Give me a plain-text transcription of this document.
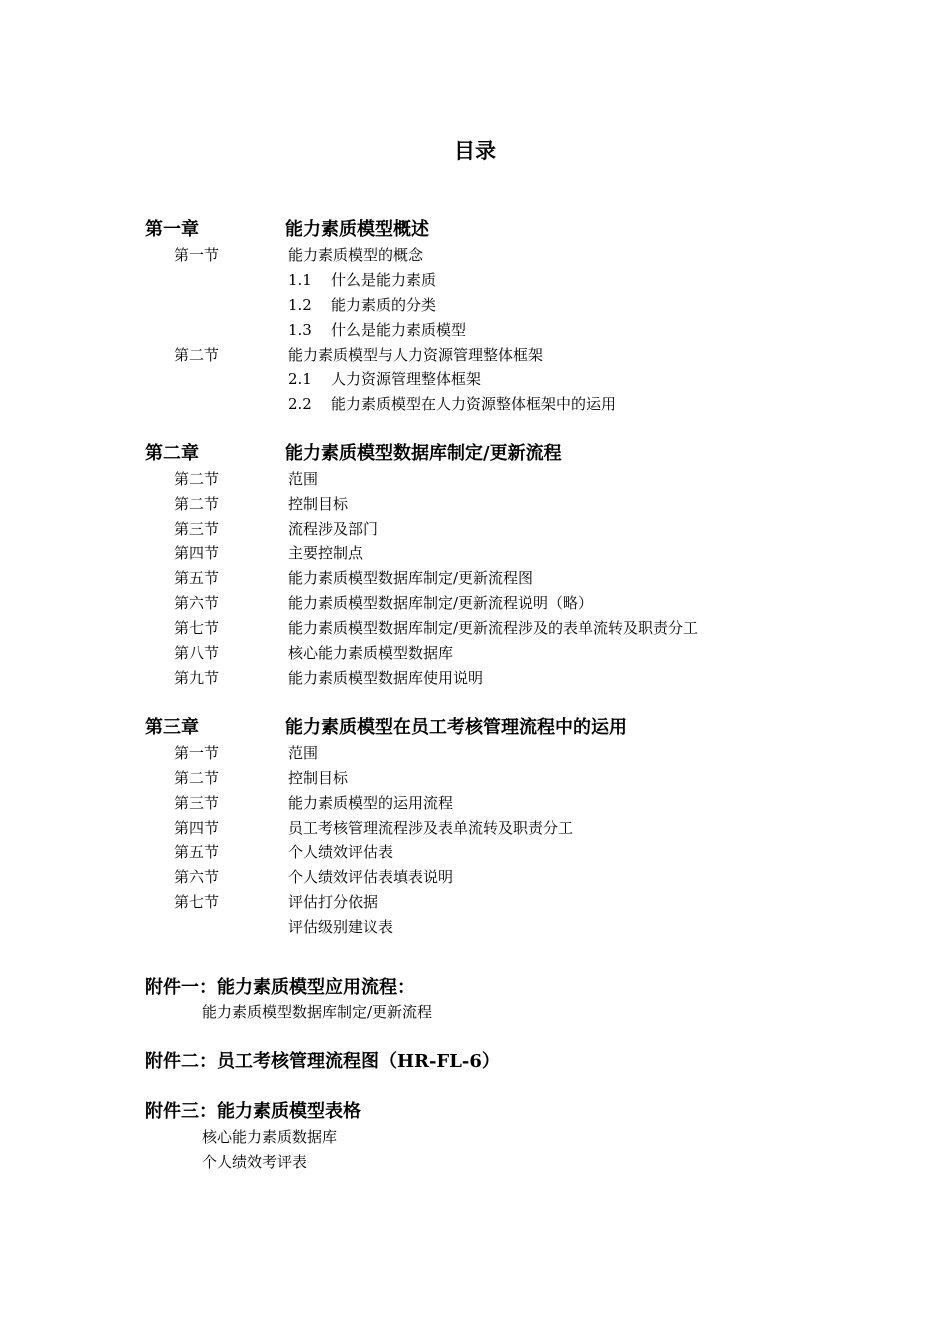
目录
第一章	能力素质模型概述
第一节	能力素质模型的概念
1.1 什么是能力素质
1.2 能力素质的分类
1.3 什么是能力素质模型
第二节	能力素质模型与人力资源管理整体框架
2.1 人力资源管理整体框架
2.2 能力素质模型在人力资源整体框架中的运用
第二章	能力素质模型数据库制定/更新流程
第二节	范围
第二节	控制目标
第三节	流程涉及部门
第四节	主要控制点
第五节	能力素质模型数据库制定/更新流程图
第六节	能力素质模型数据库制定/更新流程说明（略）
第七节	能力素质模型数据库制定/更新流程涉及的表单流转及职责分工
第八节	核心能力素质模型数据库
第九节	能力素质模型数据库使用说明
第三章	能力素质模型在员工考核管理流程中的运用
第一节	范围
第二节	控制目标
第三节	能力素质模型的运用流程
第四节	员工考核管理流程涉及表单流转及职责分工
第五节	个人绩效评估表
第六节	个人绩效评估表填表说明
第七节	评估打分依据
评估级别建议表
附件一：能力素质模型应用流程：
能力素质模型数据库制定/更新流程
附件二：员工考核管理流程图（HR-FL-6）
附件三：能力素质模型表格
核心能力素质数据库
个人绩效考评表
